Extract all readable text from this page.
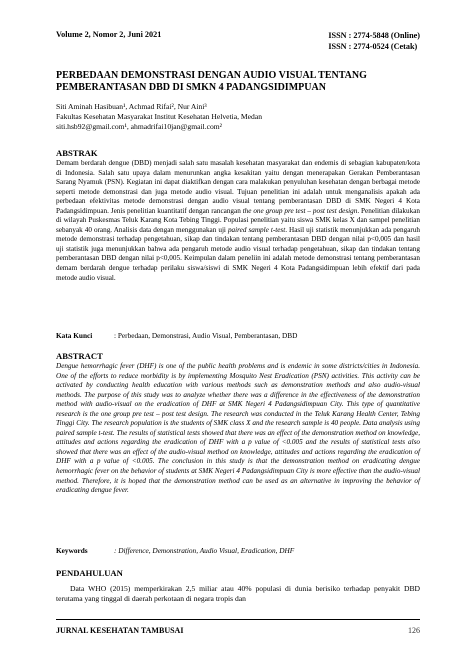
Volume 2, Nomor 2, Juni 2021	ISSN : 2774-5848 (Online)
ISSN : 2774-0524 (Cetak)
PERBEDAAN DEMONSTRASI DENGAN AUDIO VISUAL TENTANG
PEMBERANTASAN DBD DI SMKN 4 PADANGSIDIMPUAN
Siti Aminah Hasibuan¹, Achmad Rifai², Nur Aini³
Fakultas Kesehatan Masyarakat Institut Kesehatan Helvetia, Medan
siti.hsb92@gmail.com¹, ahmadrifai10jan@gmail.com²
ABSTRAK
Demam berdarah dengue (DBD) menjadi salah satu masalah kesehatan masyarakat dan endemis di sebagian kabupaten/kota di Indonesia. Salah satu upaya dalam menurunkan angka kesakitan yaitu dengan menerapakan Gerakan Pemberantasan Sarang Nyamuk (PSN). Kegiatan ini dapat diaktifkan dengan cara malakukan penyuluhan kesehatan dengan berbagai metode seperti metode demonstrasi dan juga metode audio visual. Tujuan penelitian ini adalah untuk menganalisis apakah ada perbedaan efektivitas metode demonstrasi dengan audio visual tentang pemberantasan DBD di SMK Negeri 4 Kota Padangsidimpuan. Jenis penelitian kuantitatif dengan rancangan the one group pre test – post test design. Penelitian dilakukan di wilayah Puskesmas Teluk Karang Kota Tebing Tinggi. Populasi penelitian yaitu siswa SMK kelas X dan sampel penelitian sebanyak 40 orang. Analisis data dengan menggunakan uji paired sample t-test. Hasil uji statistik menunjukkan ada pengaruh metode demonstrasi terhadap pengetahuan, sikap dan tindakan tentang pemberantasan DBD dengan nilai p<0,005 dan hasil uji statistik juga menunjukkan bahwa ada pengaruh metode audio visual terhadap pengetahuan, sikap dan tindakan tentang pemberantasan DBD dengan nilai p<0,005. Keimpulan dalam peneliin ini adalah metode demonstrasi tentang pemberantasan demam berdarah dengue terhadap perilaku siswa/siswi di SMK Negeri 4 Kota Padangsidimpuan lebih efektif dari pada metode audio visual.
Kata Kunci	: Perbedaan, Demonstrasi, Audio Visual, Pemberantasan, DBD
ABSTRACT
Dengue hemorrhagic fever (DHF) is one of the public health problems and is endemic in some districts/cities in Indonesia. One of the efforts to reduce morbidity is by implementing Mosquito Nest Eradication (PSN) activities. This activity can be activated by conducting health education with various methods such as demonstration methods and also audio-visual methods. The purpose of this study was to analyze whether there was a difference in the effectiveness of the demonstration method with audio-visual on the eradication of DHF at SMK Negeri 4 Padangsidimpuan City. This type of quantitative research is the one group pre test – post test design. The research was conducted in the Teluk Karang Health Center, Tebing Tinggi City. The research population is the students of SMK class X and the research sample is 40 people. Data analysis using paired sample t-test. The results of statistical tests showed that there was an effect of the demonstration method on knowledge, attitudes and actions regarding the eradication of DHF with a p value of <0.005 and the results of statistical tests also showed that there was an effect of the audio-visual method on knowledge, attitudes and actions regarding the eradication of DHF with a p value of <0.005. The conclusion in this study is that the demonstration method on eradicating dengue hemorrhagic fever on the behavior of students at SMK Negeri 4 Padangsidimpuan City is more effective than the audio-visual method. Therefore, it is hoped that the demonstration method can be used as an alternative in improving the behavior of eradicating dengue fever.
Keywords	: Difference, Demonstration, Audio Visual, Eradication, DHF
PENDAHULUAN
Data WHO (2015) memperkirakan 2,5 miliar atau 40% populasi di dunia berisiko terhadap penyakit DBD terutama yang tinggal di daerah perkotaan di negara tropis dan
JURNAL KESEHATAN TAMBUSAI	126
